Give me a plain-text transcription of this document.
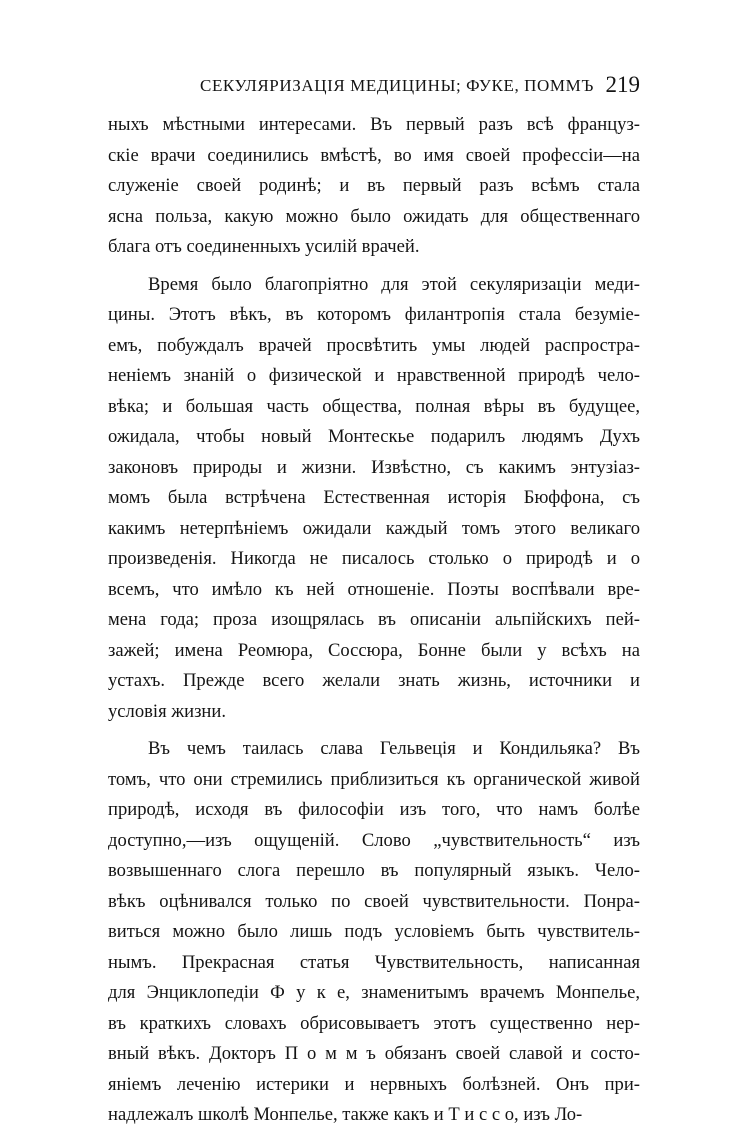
СЕКУЛЯРИЗАЦІЯ МЕДИЦИНЫ; ФУКЕ, ПОММЪ 219
ныхъ мѣстными интересами. Въ первый разъ всѣ француз-
скіе врачи соединились вмѣстѣ, во имя своей профессіи—на
служеніе своей родинѣ; и въ первый разъ всѣмъ стала
ясна польза, какую можно было ожидать для общественнаго
блага отъ соединенныхъ усилій врачей.
Время было благопріятно для этой секуляризаціи меди-
цины. Этотъ вѣкъ, въ которомъ филантропія стала безуміе-
емъ, побуждалъ врачей просвѣтить умы людей распростра-
неніемъ знаній о физической и нравственной природѣ чело-
вѣка; и большая часть общества, полная вѣры въ будущее,
ожидала, чтобы новый Монтескье подарилъ людямъ Духъ
законовъ природы и жизни. Извѣстно, съ какимъ энтузіаз-
момъ была встрѣчена Естественная исторія Бюффона, съ
какимъ нетерпѣніемъ ожидали каждый томъ этого великаго
произведенія. Никогда не писалось столько о природѣ и о
всемъ, что имѣло къ ней отношеніе. Поэты воспѣвали вре-
мена года; проза изощрялась въ описаніи альпійскихъ пей-
зажей; имена Реомюра, Соссюра, Бонне были у всѣхъ на
устахъ. Прежде всего желали знать жизнь, источники и
условія жизни.
Въ чемъ таилась слава Гельвеція и Кондильяка? Въ
томъ, что они стремились приблизиться къ органической живой
природѣ, исходя въ философіи изъ того, что намъ болѣе
доступно,—изъ ощущеній. Слово „чувствительность“ изъ
возвышеннаго слога перешло въ популярный языкъ. Чело-
вѣкъ оцѣнивался только по своей чувствительности. Понра-
виться можно было лишь подъ условіемъ быть чувствитель-
нымъ. Прекрасная статья Чувствительность, написанная
для Энциклопедіи Ф у к е, знаменитымъ врачемъ Монпелье,
въ краткихъ словахъ обрисовываетъ этотъ существенно нер-
вный вѣкъ. Докторъ П о м м ъ обязанъ своей славой и состо-
яніемъ леченію истерики и нервныхъ болѣзней. Онъ при-
надлежалъ школѣ Монпелье, также какъ и Т и с с о, изъ Ло-
